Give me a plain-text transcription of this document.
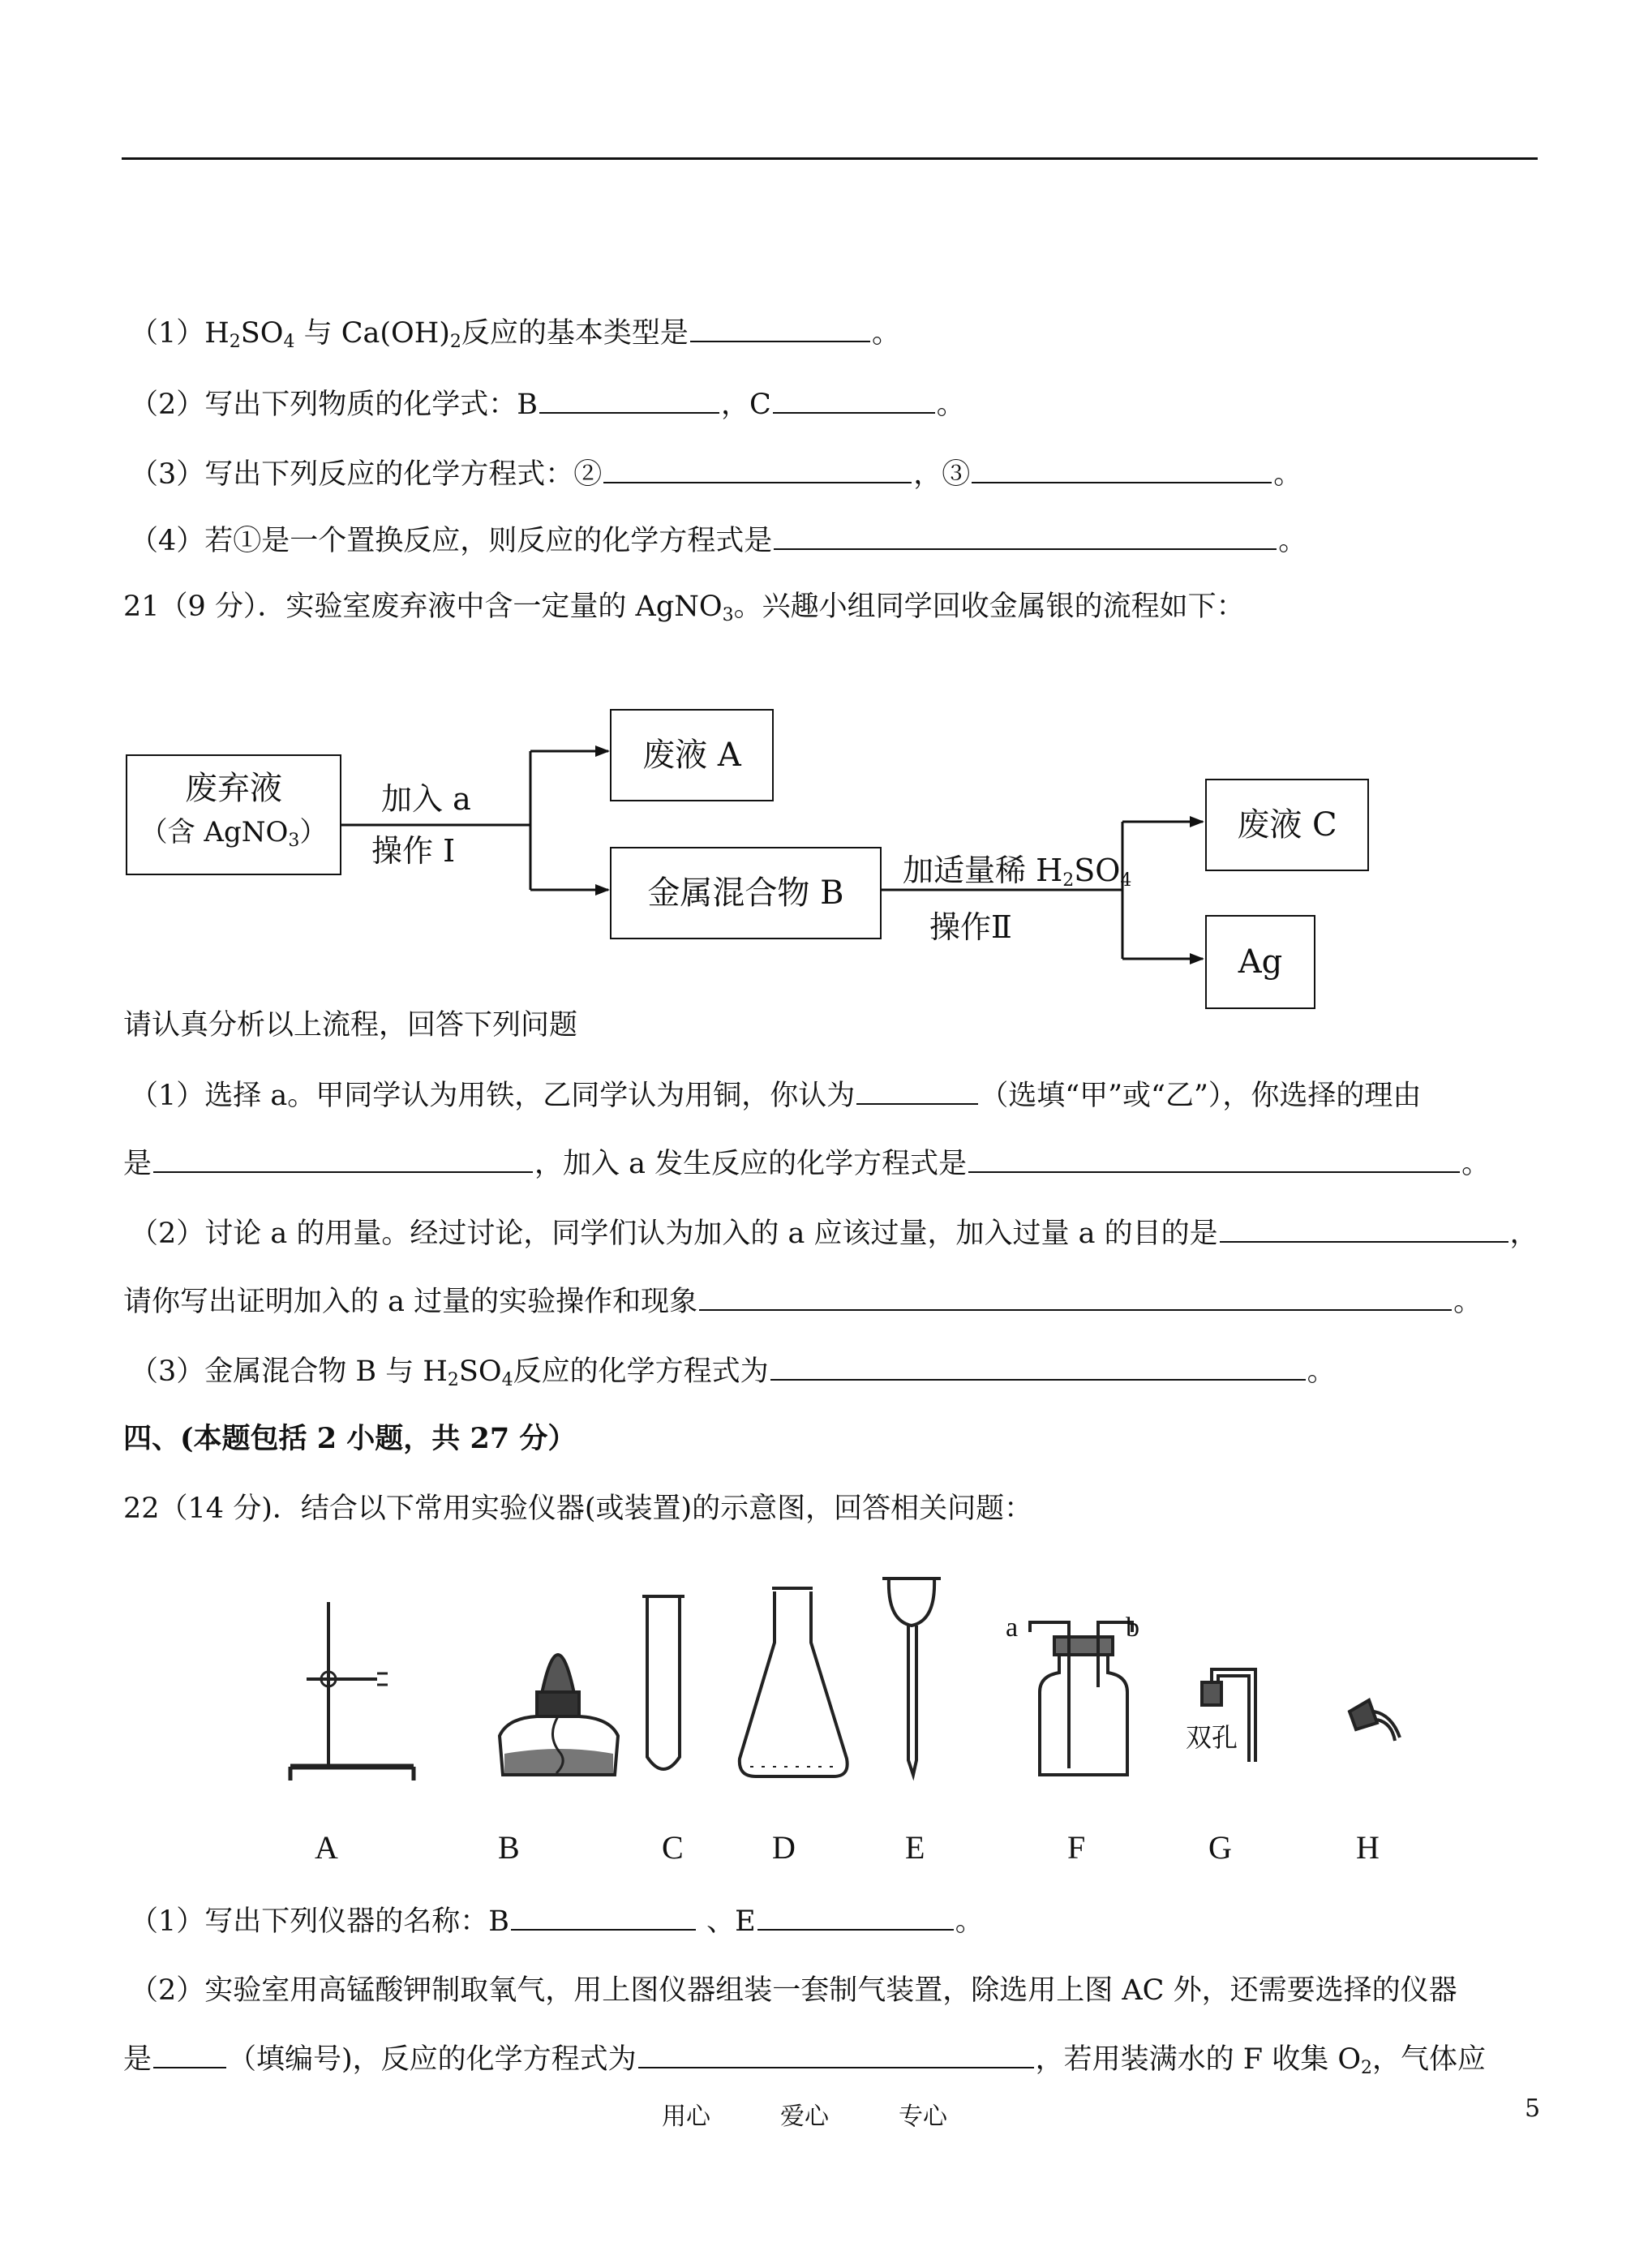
$(1)H_2SO_4$ 与 $Ca(OH)_2$反应的基本类型是	。
（2）写出下列物质的化学式：B	，C	。
（3）写出下列反应的化学方程式：②	，③	。
（4）若①是一个置换反应，则反应的化学方程式是	。
21（9 分）．实验室废弃液中含一定量的 AgNO$_3$。兴趣小组同学回收金属银的流程如下：
废弃液
（含 AgNO$_3$）
废液 A
金属混合物 B
废液 C
Ag
加入 a
操作 I
加适量稀 $H_2SO_4$
操作Ⅱ
请认真分析以上流程，回答下列问题
（1）选择 a。甲同学认为用铁，乙同学认为用铜，你认为	（选填“甲”或“乙”），你选择的理由
是	，加入 a 发生反应的化学方程式是	。
（2）讨论 a 的用量。经过讨论，同学们认为加入的 a 应该过量，加入过量 a 的目的是	，
请你写出证明加入的 a 过量的实验操作和现象	。
（3）金属混合物 B 与 $H_2SO_4$反应的化学方程式为	。
四、(本题包括 2 小题，共 27 分）
22（14 分)．结合以下常用实验仪器(或装置)的示意图，回答相关问题：
a	b
双孔
A	B	C	D	E	F	G	H
（1）写出下列仪器的名称：B	、E	。
（2）实验室用高锰酸钾制取氧气，用上图仪器组装一套制气装置，除选用上图 AC 外，还需要选择的仪器
是	（填编号)，反应的化学方程式为	，若用装满水的 F 收集 $O_2$，气体应
用心	爱心	专心	5
